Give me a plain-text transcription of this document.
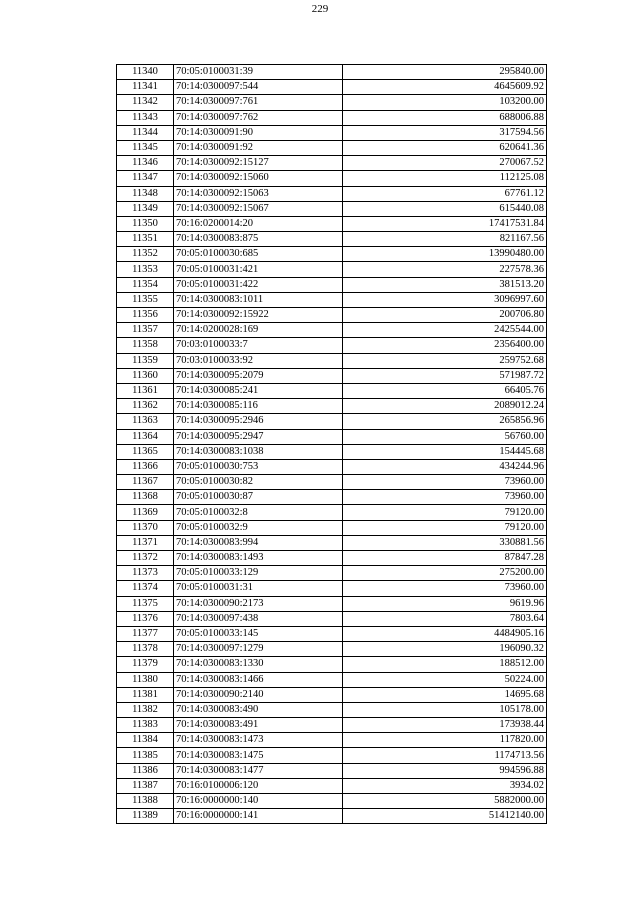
229
11340	70:05:0100031:39	295840.00
11341	70:14:0300097:544	4645609.92
11342	70:14:0300097:761	103200.00
11343	70:14:0300097:762	688006.88
11344	70:14:0300091:90	317594.56
11345	70:14:0300091:92	620641.36
11346	70:14:0300092:15127	270067.52
11347	70:14:0300092:15060	112125.08
11348	70:14:0300092:15063	67761.12
11349	70:14:0300092:15067	615440.08
11350	70:16:0200014:20	17417531.84
11351	70:14:0300083:875	821167.56
11352	70:05:0100030:685	13990480.00
11353	70:05:0100031:421	227578.36
11354	70:05:0100031:422	381513.20
11355	70:14:0300083:1011	3096997.60
11356	70:14:0300092:15922	200706.80
11357	70:14:0200028:169	2425544.00
11358	70:03:0100033:7	2356400.00
11359	70:03:0100033:92	259752.68
11360	70:14:0300095:2079	571987.72
11361	70:14:0300085:241	66405.76
11362	70:14:0300085:116	2089012.24
11363	70:14:0300095:2946	265856.96
11364	70:14:0300095:2947	56760.00
11365	70:14:0300083:1038	154445.68
11366	70:05:0100030:753	434244.96
11367	70:05:0100030:82	73960.00
11368	70:05:0100030:87	73960.00
11369	70:05:0100032:8	79120.00
11370	70:05:0100032:9	79120.00
11371	70:14:0300083:994	330881.56
11372	70:14:0300083:1493	87847.28
11373	70:05:0100033:129	275200.00
11374	70:05:0100031:31	73960.00
11375	70:14:0300090:2173	9619.96
11376	70:14:0300097:438	7803.64
11377	70:05:0100033:145	4484905.16
11378	70:14:0300097:1279	196090.32
11379	70:14:0300083:1330	188512.00
11380	70:14:0300083:1466	50224.00
11381	70:14:0300090:2140	14695.68
11382	70:14:0300083:490	105178.00
11383	70:14:0300083:491	173938.44
11384	70:14:0300083:1473	117820.00
11385	70:14:0300083:1475	1174713.56
11386	70:14:0300083:1477	994596.88
11387	70:16:0100006:120	3934.02
11388	70:16:0000000:140	5882000.00
11389	70:16:0000000:141	51412140.00
